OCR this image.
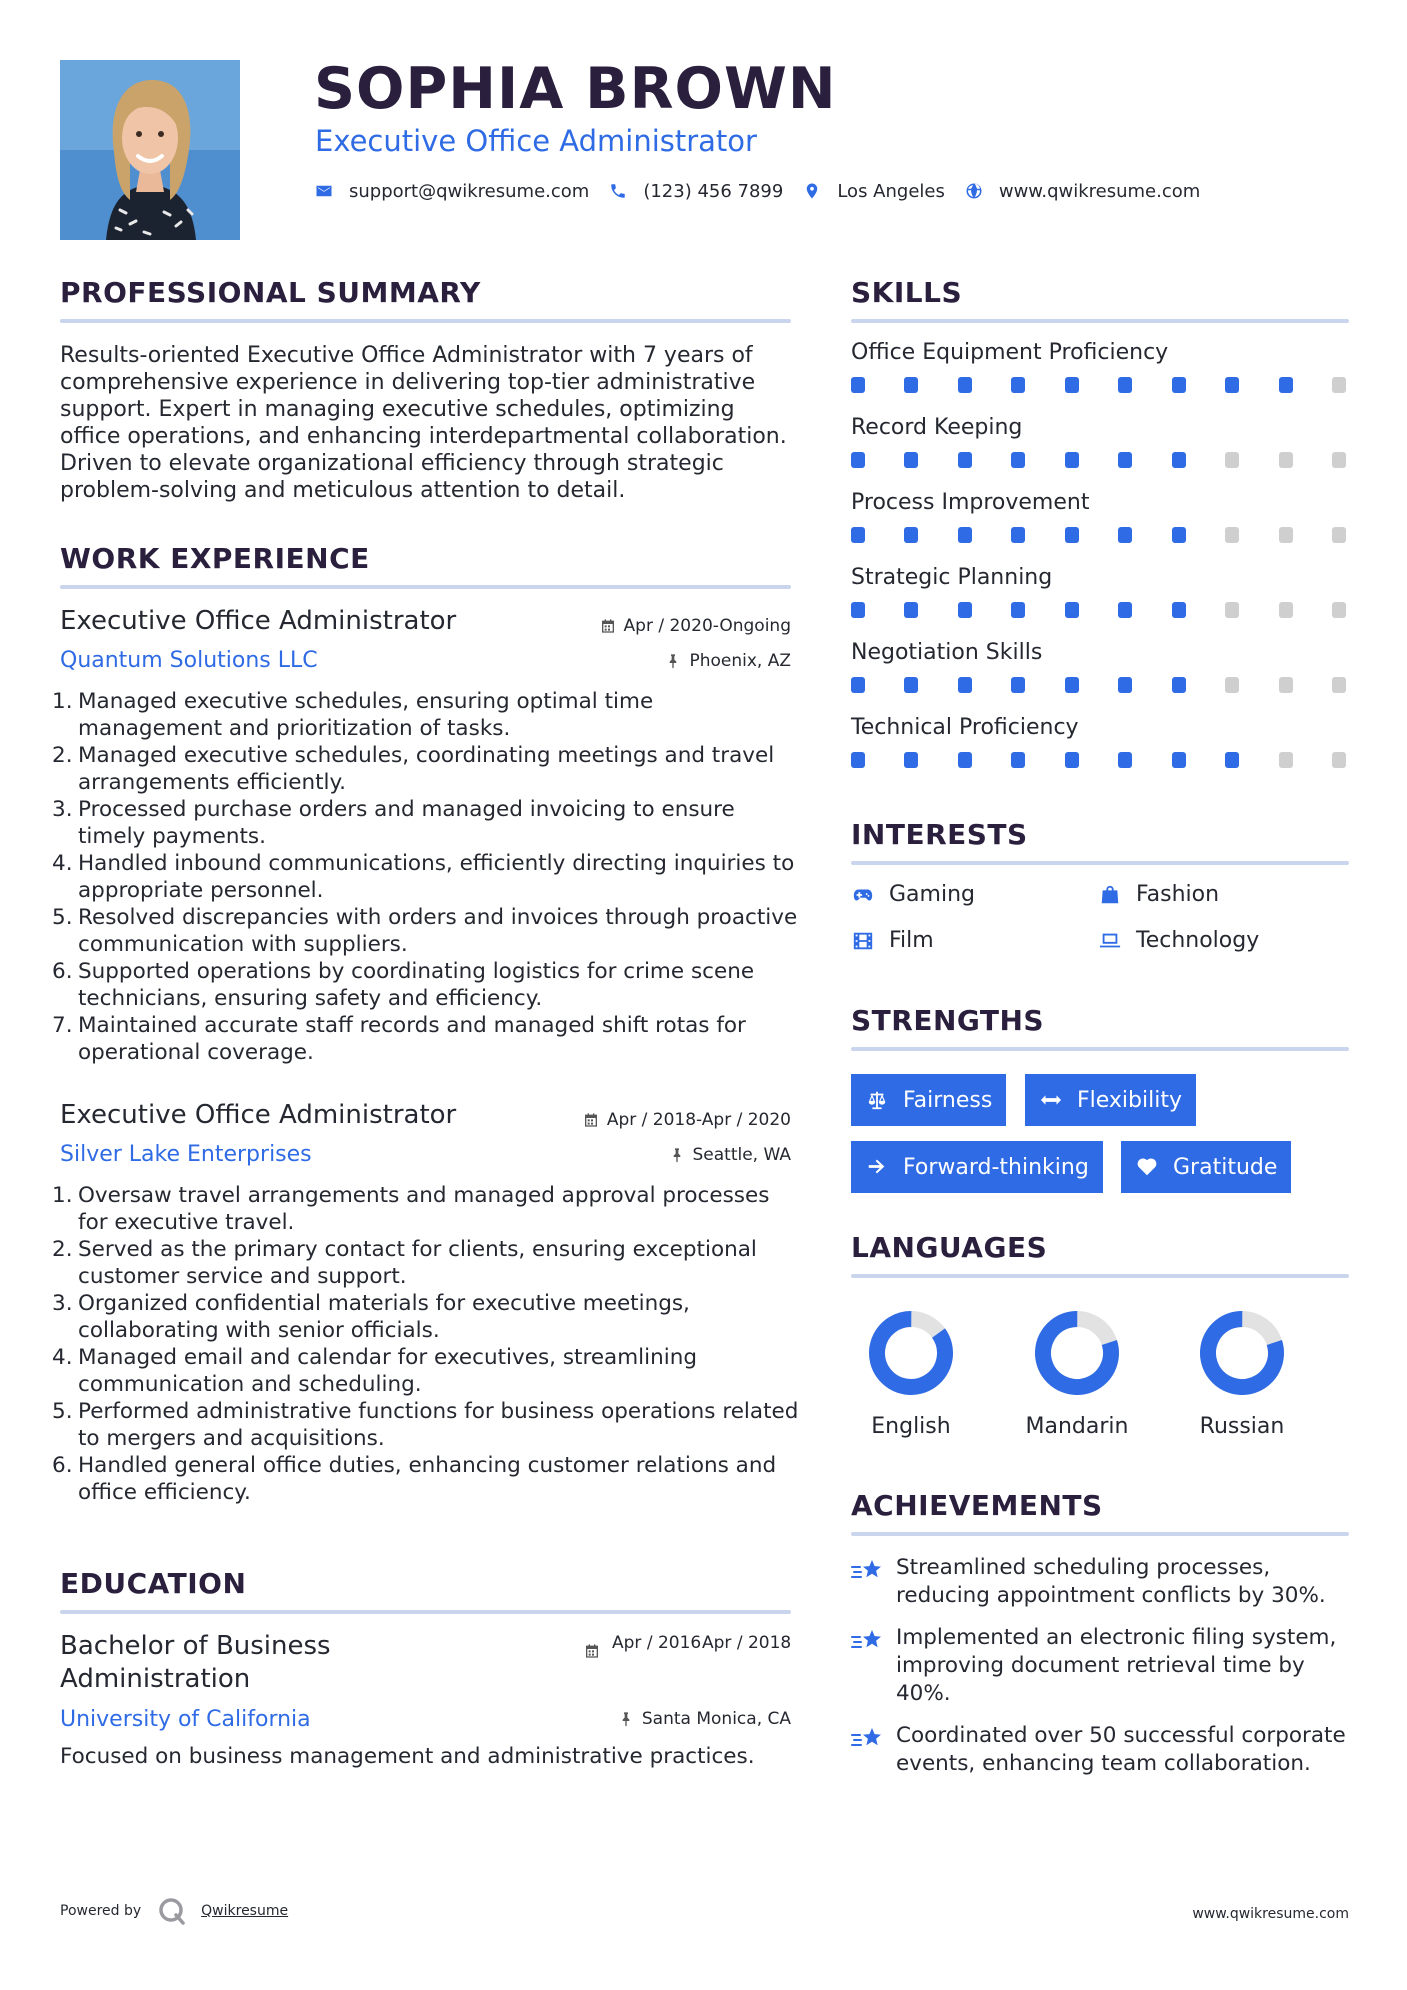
SOPHIA BROWN
Executive Office Administrator
support@qwikresume.com	(123) 456 7899	Los Angeles	www.qwikresume.com
PROFESSIONAL SUMMARY
Results-oriented Executive Office Administrator with 7 years of comprehensive experience in delivering top-tier administrative support. Expert in managing executive schedules, optimizing office operations, and enhancing interdepartmental collaboration. Driven to elevate organizational efficiency through strategic problem-solving and meticulous attention to detail.
WORK EXPERIENCE
Executive Office Administrator	Apr / 2020-Ongoing
Quantum Solutions LLC	Phoenix, AZ
Managed executive schedules, ensuring optimal time management and prioritization of tasks.
Managed executive schedules, coordinating meetings and travel arrangements efficiently.
Processed purchase orders and managed invoicing to ensure timely payments.
Handled inbound communications, efficiently directing inquiries to appropriate personnel.
Resolved discrepancies with orders and invoices through proactive communication with suppliers.
Supported operations by coordinating logistics for crime scene technicians, ensuring safety and efficiency.
Maintained accurate staff records and managed shift rotas for operational coverage.
Executive Office Administrator	Apr / 2018-Apr / 2020
Silver Lake Enterprises	Seattle, WA
Oversaw travel arrangements and managed approval processes for executive travel.
Served as the primary contact for clients, ensuring exceptional customer service and support.
Organized confidential materials for executive meetings, collaborating with senior officials.
Managed email and calendar for executives, streamlining communication and scheduling.
Performed administrative functions for business operations related to mergers and acquisitions.
Handled general office duties, enhancing customer relations and office efficiency.
EDUCATION
Bachelor of Business Administration
Apr / 2016 Apr / 2018
University of California	Santa Monica, CA
Focused on business management and administrative practices.
SKILLS
Office Equipment Proficiency
Record Keeping
Process Improvement
Strategic Planning
Negotiation Skills
Technical Proficiency
INTERESTS
Gaming	Fashion
Film	Technology
STRENGTHS
Fairness	Flexibility
Forward-thinking	Gratitude
LANGUAGES
English	Mandarin	Russian
ACHIEVEMENTS
Streamlined scheduling processes, reducing appointment conflicts by 30%.
Implemented an electronic filing system, improving document retrieval time by 40%.
Coordinated over 50 successful corporate events, enhancing team collaboration.
Powered by	Qwikresume	www.qwikresume.com
